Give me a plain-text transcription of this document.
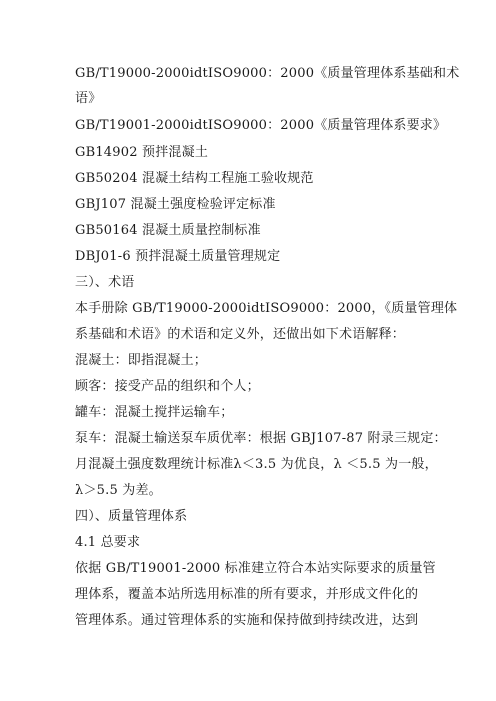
GB/T19000-2000idtISO9000：2000《质量管理体系基础和术
语》
GB/T19001-2000idtISO9000：2000《质量管理体系要求》
GB14902 预拌混凝土
GB50204 混凝土结构工程施工验收规范
GBJ107 混凝土强度检验评定标准
GB50164 混凝土质量控制标准
DBJ01-6 预拌混凝土质量管理规定
三）、术语
本手册除 GB/T19000-2000idtISO9000：2000，《质量管理体
系基础和术语》的术语和定义外，还做出如下术语解释：
混凝土：即指混凝土；
顾客：接受产品的组织和个人；
罐车：混凝土搅拌运输车；
泵车：混凝土输送泵车质优率：根据 GBJ107-87 附录三规定：
月混凝土强度数理统计标准λ＜3.5 为优良，λ ＜5.5 为一般，
λ＞5.5 为差。
四）、质量管理体系
4.1 总要求
依据 GB/T19001-2000 标准建立符合本站实际要求的质量管
理体系，覆盖本站所选用标准的所有要求，并形成文件化的
管理体系。通过管理体系的实施和保持做到持续改进，达到
